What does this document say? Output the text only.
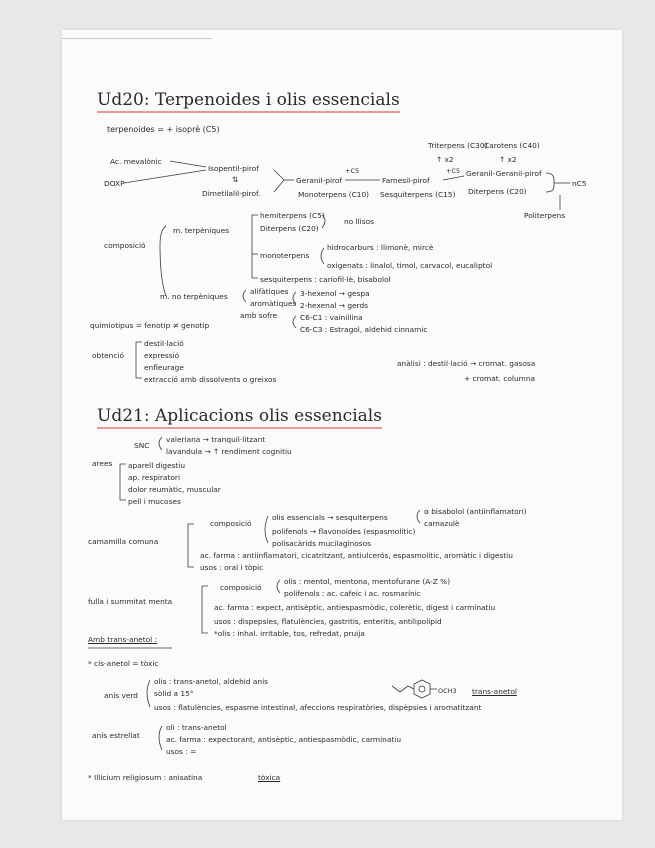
Ud20: Terpenoides i olis essencials
terpenoides = + isoprè (C5)
Triterpens (C30)
Carotens (C40)
↑ x2	↑ x2
Ac. mevalònic
DOXP
Isopentil-pirof
⇅
Dimetilalil-pirof.
Geranil-pirof
+C5
Farnesil-pirof
+C5 Geranil-Geranil-pirof
Monoterpens (C10) Sesquiterpens (C15) Diterpens (C20)
nC5
Politerpens
composició
m. terpèniques
hemiterpens (C5)
Diterpens (C20)
no llisos
monoterpens
hidrocarburs : llimonè, mircè
oxigenats : linalol, timol, carvacol, eucaliptol
sesquiterpens : cariofil·lè, bisabolol
m. no terpèniques
alifàtiques 3-hexenol → gespa
aromàtiques 2-hexenal → gerds
C6-C1 : vainillina
amb sofre
C6-C3 : Estragol, aldehid cinnamic
quimiotipus = fenotip ≠ genotip
obtenció
destil·lació
expressió
enfleurage
extracció amb dissolvents o greixos
anàlisi : destil·lació → cromat. gasosa
+ cromat. columna
Ud21: Aplicacions olis essencials
SNC
valeriana → tranquil·litzant
lavandula → ↑ rendiment cognitiu
arees aparell digestiu
ap. respiratori
dolor reumàtic, muscular
pell i mucoses
camamilla comuna
composició
olis essencials → sesquiterpens
α bisabolol (antiinflamatori)
camazulè
polifenols → flavonoides (espasmolític)
polisacàrids mucilaginosos
ac. farma : antiinflamatori, cicatritzant, antiulcerós, espasmolític, aromàtic i digestiu
usos : oral i tòpic
fulla i summitat menta
composició
olis : mentol, mentona, mentofurane (A-Z %)
polifenols : ac. cafeic i ac. rosmarínic
ac. farma : expect, antisèptic, antiespasmòdic, colerètic, digest i carminatiu
usos : dispepsies, flatulències, gastritis, enteritis, antilipolipid
*olis : inhal. irritable, tos, refredat, pruija
Amb trans-anetol :
* cis-anetol = tòxic
anís verd
olis : trans-anetol, aldehid anís
sòlid a 15°
usos : flatulències, espasme intestinal, afeccions respiratòries, dispèpsies i aromatitzant
OCH3 trans-anetol
anís estrellat
oli : trans-anetol
ac. farma : expectorant, antisèptic, antiespasmòdic, carminatiu
usos : =
* Illicium religiosum : anisatina	tòxica
